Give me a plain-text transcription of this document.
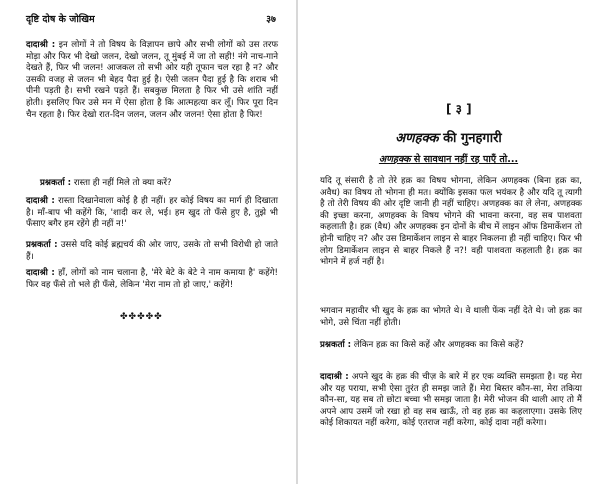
दृष्टि दोष के जोखिम	३७
दादाश्री : इन लोगों ने तो विषय के विज्ञापन छापे और सभी लोगों को उस तरफ मोड़ा और फिर भी देखो जलन, देखो जलन, तू मुंबई में जा तो सही! नंगे नाच-गाने देखते हैं, फिर भी जलन! आजकल तो सभी ओर यही तूफान चल रहा है न? और उसकी वजह से जलन भी बेहद पैदा हुई है। ऐसी जलन पैदा हुई है कि शराब भी पीनी पड़ती है। सभी रखने पड़ते हैं। सबकुछ मिलता है फिर भी उसे शांति नहीं होती। इसलिए फिर उसे मन में ऐसा होता है कि आत्महत्या कर लूँ। फिर पूरा दिन चैन रहता है। फिर देखो रात-दिन जलन, जलन और जलन! ऐसा होता है फिर!
प्रश्नकर्ता : रास्ता ही नहीं मिले तो क्या करें?
दादाश्री : रास्ता दिखानेवाला कोई है ही नहीं। हर कोई विषय का मार्ग ही दिखाता है। माँ-बाप भी कहेंगे कि, 'शादी कर ले, भई। हम खुद तो फँसे हुए है, तुझे भी फँसाए बगैर हम रहेंगे ही नहीं न!'
प्रश्नकर्ता : उससे यदि कोई ब्रह्मचर्य की ओर जाए, उसके तो सभी विरोधी हो जाते हैं।
दादाश्री : हाँ, लोगों को नाम चलाना है, 'मेरे बेटे के बेटे ने नाम कमाया है' कहेंगे! फिर वह फँसे तो भले ही फँसे, लेकिन 'मेरा नाम तो हो जाए,' कहेंगे!
✤✤✤✤✤
[ ३ ]
अणहक्क की गुनहगारी
अणहक्क से सावधान नहीं रह पाएँ तो...
यदि तू संसारी है तो तेरे हक़ का विषय भोगना, लेकिन अणहक्क (बिना हक़ का, अवैध) का विषय तो भोगना ही मत। क्योंकि इसका फल भयंकर है और यदि तू त्यागी है तो तेरी विषय की ओर दृष्टि जानी ही नहीं चाहिए। अणहक्क का ले लेना, अणहक्क की इच्छा करना, अणहक्क के विषय भोगने की भावना करना, वह सब पाशवता कहलाती है। हक़ (वैध) और अणहक्क इन दोनों के बीच में लाइन ऑफ डिमार्केशन तो होनी चाहिए न? और उस डिमार्केशन लाइन से बाहर निकलना ही नहीं चाहिए। फिर भी लोग डिमार्केशन लाइन से बाहर निकले हैं न?! वही पाशवता कहलाती है। हक़ का भोगने में हर्ज नहीं है।
भगवान महावीर भी खुद के हक़ का भोगते थे। वे थाली फेंक नहीं देते थे। जो हक़ का भोगे, उसे चिंता नहीं होती।
प्रश्नकर्ता : लेकिन हक़ का किसे कहें और अणहक्क का किसे कहें?
दादाश्री : अपने खुद के हक़ की चीज़ के बारे में हर एक व्यक्ति समझता है। यह मेरा और यह पराया, सभी ऐसा तुरंत ही समझ जाते हैं। मेरा बिस्तर कौन-सा, मेरा तकिया कौन-सा, यह सब तो छोटा बच्चा भी समझ जाता है। मेरी भोजन की थाली आए तो मैं अपने आप उसमें जो रखा हो वह सब खाऊँ, तो वह हक़ का कहलाएगा। उसके लिए कोई शिकायत नहीं करेगा, कोई एतराज नहीं करेगा, कोई दावा नहीं करेगा।
